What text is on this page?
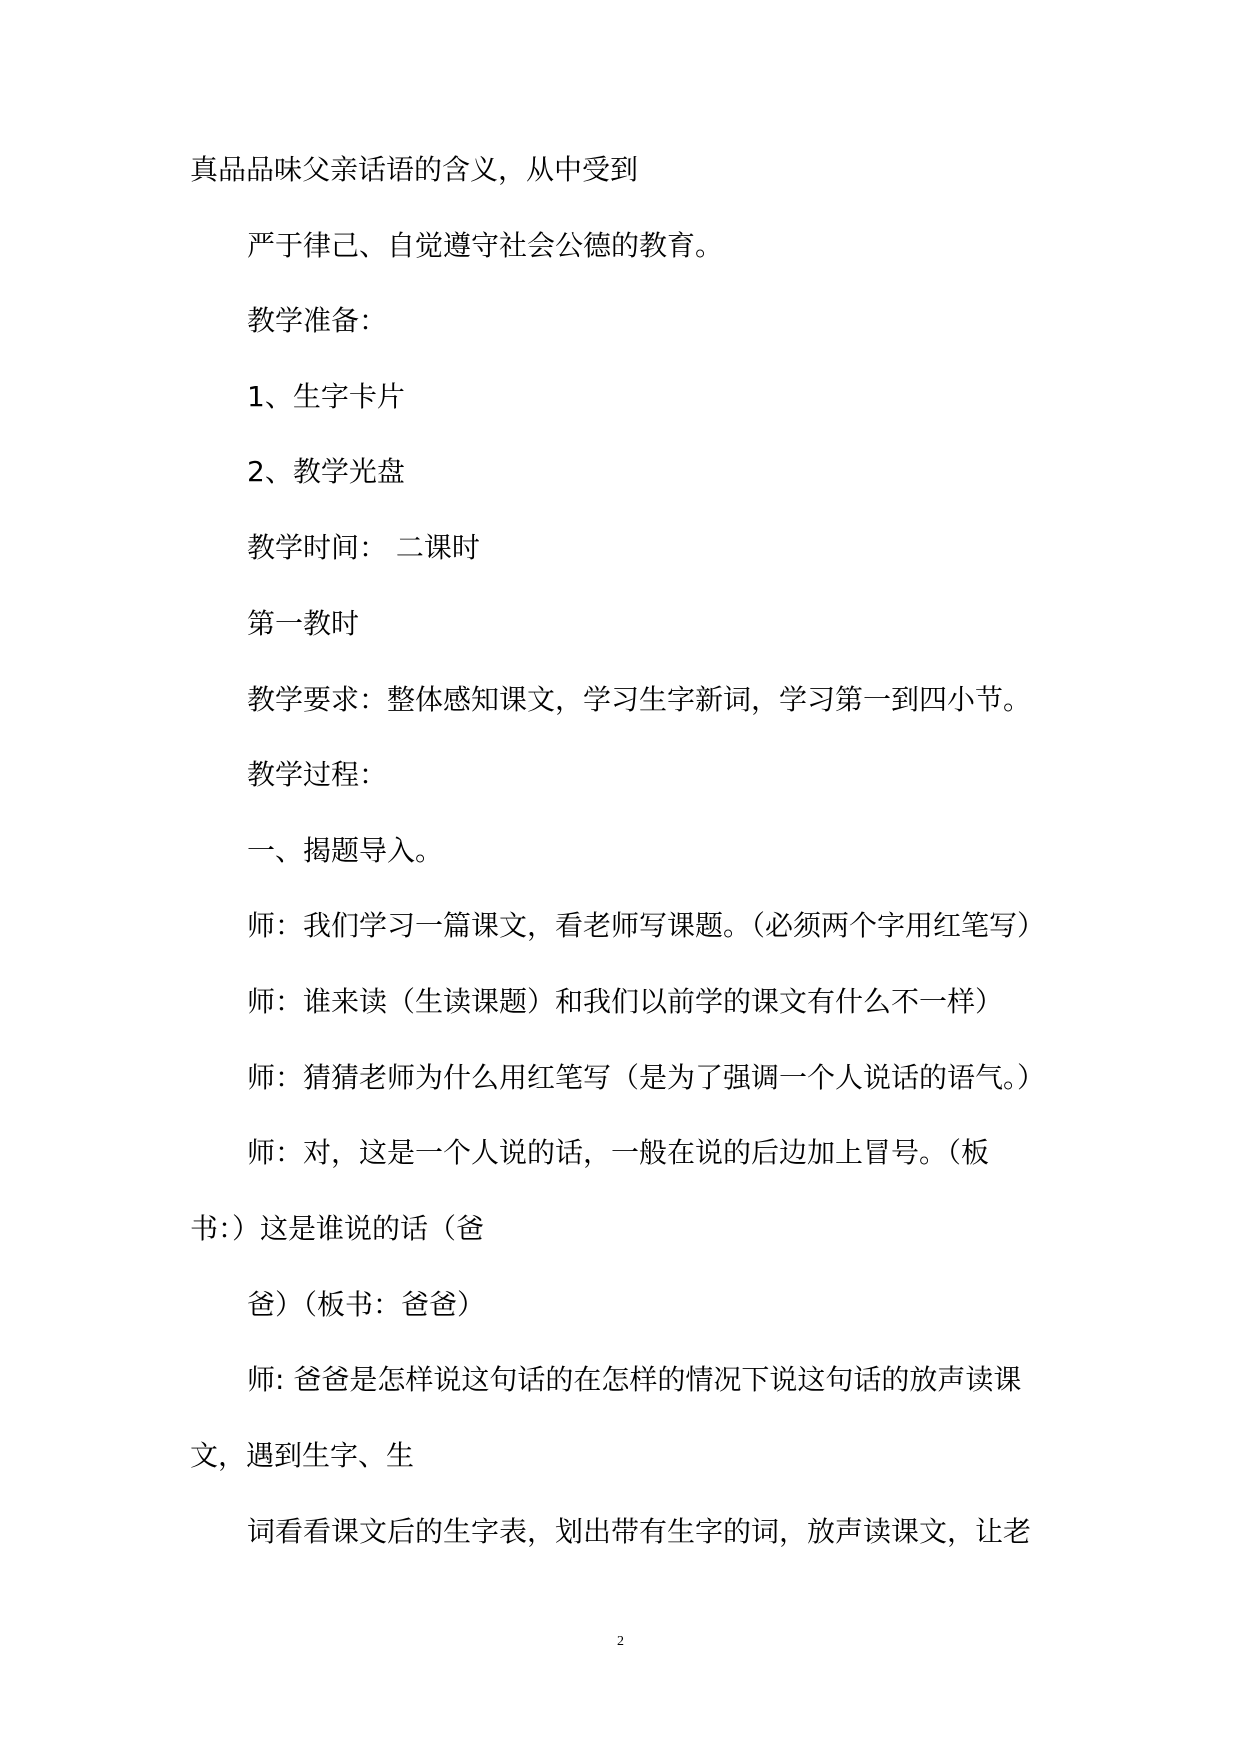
真品品味父亲话语的含义，从中受到
严于律己、自觉遵守社会公德的教育。
教学准备：
1、生字卡片
2、教学光盘
教学时间： 二课时
第一教时
教学要求：整体感知课文，学习生字新词，学习第一到四小节。
教学过程：
一、揭题导入。
师：我们学习一篇课文，看老师写课题。（必须两个字用红笔写）
师：谁来读（生读课题）和我们以前学的课文有什么不一样）
师：猜猜老师为什么用红笔写（是为了强调一个人说话的语气。）
师：对，这是一个人说的话，一般在说的后边加上冒号。（板
书：）这是谁说的话（爸
爸）（板书：爸爸）
师: 爸爸是怎样说这句话的在怎样的情况下说这句话的放声读课
文，遇到生字、生
词看看课文后的生字表，划出带有生字的词，放声读课文，让老
2
